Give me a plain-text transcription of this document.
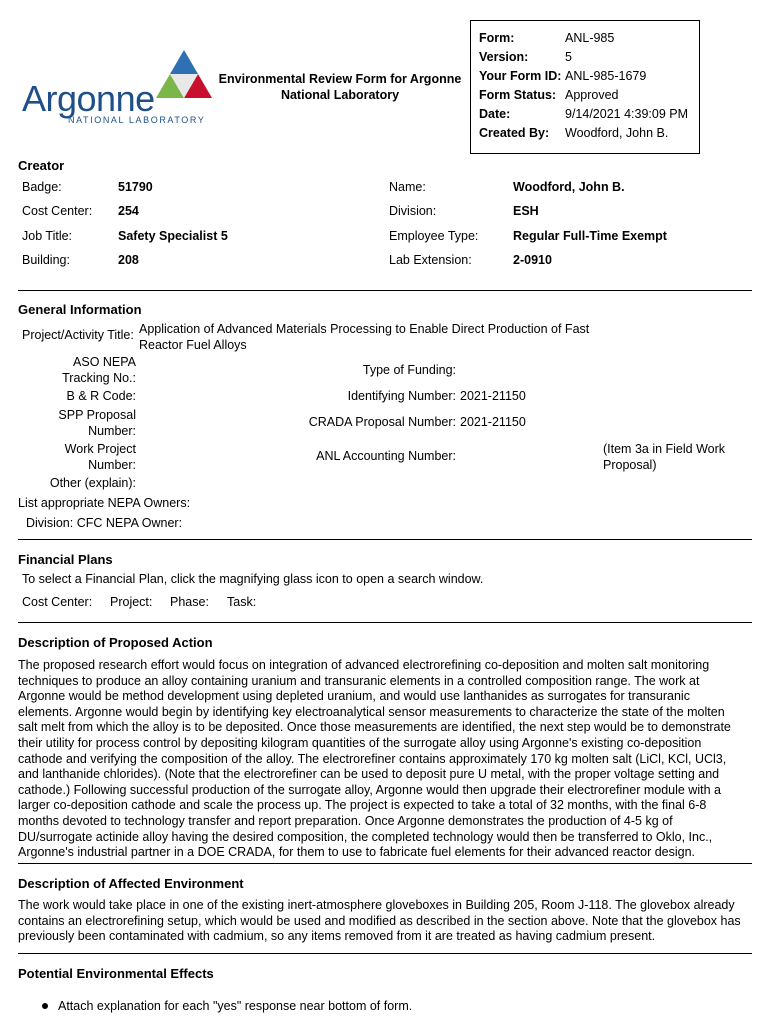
Argonne
NATIONAL LABORATORY
Environmental Review Form for Argonne
National Laboratory
Form:	ANL-985
Version:	5
Your Form ID: ANL-985-1679
Form Status: Approved
Date:	9/14/2021 4:39:09 PM
Created By: Woodford, John B.
Creator
Badge:	51790	Name:	Woodford, John B.
Cost Center: 254	Division:	ESH
Job Title:	Safety Specialist 5	Employee Type:	Regular Full-Time Exempt
Building:	208	Lab Extension:	2-0910
General Information
Project/Activity Title: Application of Advanced Materials Processing to Enable Direct Production of Fast
Reactor Fuel Alloys
ASO NEPA
Tracking No.:
Type of Funding:
B & R Code:	Identifying Number: 2021-21150
SPP Proposal
Number:
CRADA Proposal Number: 2021-21150
Work Project
Number:
ANL Accounting Number:	(Item 3a in Field Work
Proposal)
Other (explain):
List appropriate NEPA Owners:
Division: CFC NEPA Owner:
Financial Plans
To select a Financial Plan, click the magnifying glass icon to open a search window.
Cost Center: Project: Phase: Task:
Description of Proposed Action
The proposed research effort would focus on integration of advanced electrorefining co-deposition and molten salt monitoring
techniques to produce an alloy containing uranium and transuranic elements in a controlled composition range. The work at
Argonne would be method development using depleted uranium, and would use lanthanides as surrogates for transuranic
elements. Argonne would begin by identifying key electroanalytical sensor measurements to characterize the state of the molten
salt melt from which the alloy is to be deposited. Once those measurements are identified, the next step would be to demonstrate
their utility for process control by depositing kilogram quantities of the surrogate alloy using Argonne's existing co-deposition
cathode and verifying the composition of the alloy. The electrorefiner contains approximately 170 kg molten salt (LiCl, KCl, UCl3,
and lanthanide chlorides). (Note that the electrorefiner can be used to deposit pure U metal, with the proper voltage setting and
cathode.) Following successful production of the surrogate alloy, Argonne would then upgrade their electrorefiner module with a
larger co-deposition cathode and scale the process up. The project is expected to take a total of 32 months, with the final 6-8
months devoted to technology transfer and report preparation. Once Argonne demonstrates the production of 4-5 kg of
DU/surrogate actinide alloy having the desired composition, the completed technology would then be transferred to Oklo, Inc.,
Argonne's industrial partner in a DOE CRADA, for them to use to fabricate fuel elements for their advanced reactor design.
Description of Affected Environment
The work would take place in one of the existing inert-atmosphere gloveboxes in Building 205, Room J-118. The glovebox already
contains an electrorefining setup, which would be used and modified as described in the section above. Note that the glovebox has
previously been contaminated with cadmium, so any items removed from it are treated as having cadmium present.
Potential Environmental Effects
Attach explanation for each "yes" response near bottom of form.
